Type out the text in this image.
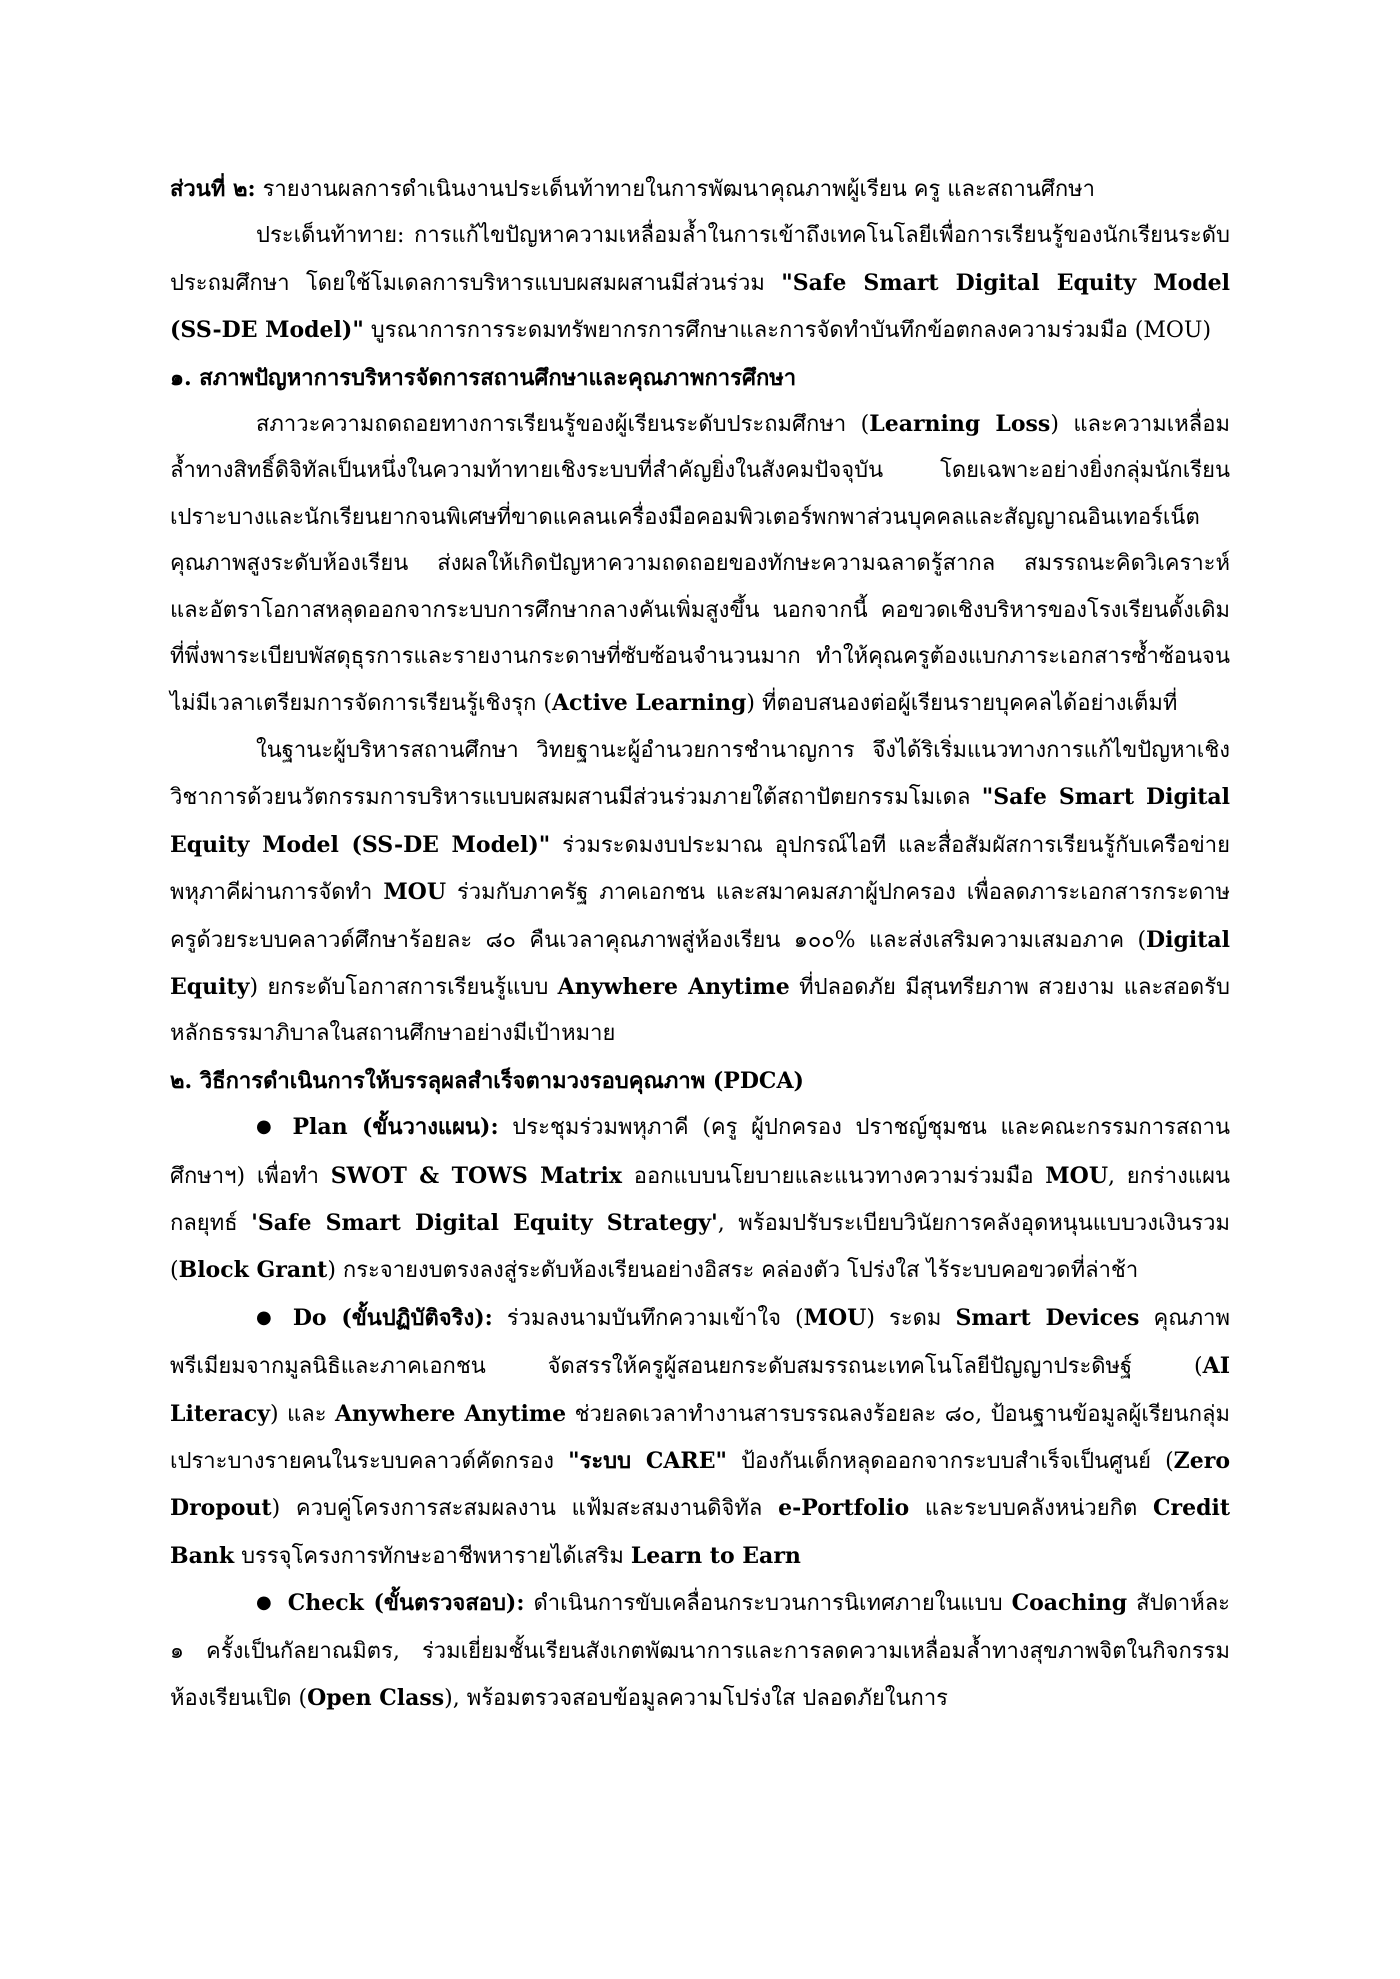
ส่วนที่ ๒: รายงานผลการดำเนินงานประเด็นท้าทายในการพัฒนาคุณภาพผู้เรียน ครู และสถานศึกษา

ประเด็นท้าทาย: การแก้ไขปัญหาความเหลื่อมล้ำในการเข้าถึงเทคโนโลยีเพื่อการเรียนรู้ของนักเรียนระดับประถมศึกษา โดยใช้โมเดลการบริหารแบบผสมผสานมีส่วนร่วม "Safe Smart Digital Equity Model (SS-DE Model)" บูรณาการการระดมทรัพยากรการศึกษาและการจัดทำบันทึกข้อตกลงความร่วมมือ (MOU)

๑. สภาพปัญหาการบริหารจัดการสถานศึกษาและคุณภาพการศึกษา

สภาวะความถดถอยทางการเรียนรู้ของผู้เรียนระดับประถมศึกษา (Learning Loss) และความเหลื่อมล้ำทางสิทธิ์ดิจิทัลเป็นหนึ่งในความท้าทายเชิงระบบที่สำคัญยิ่งในสังคมปัจจุบัน โดยเฉพาะอย่างยิ่งกลุ่มนักเรียนเปราะบางและนักเรียนยากจนพิเศษที่ขาดแคลนเครื่องมือคอมพิวเตอร์พกพาส่วนบุคคลและสัญญาณอินเทอร์เน็ตคุณภาพสูงระดับห้องเรียน ส่งผลให้เกิดปัญหาความถดถอยของทักษะความฉลาดรู้สากล สมรรถนะคิดวิเคราะห์ และอัตราโอกาสหลุดออกจากระบบการศึกษากลางคันเพิ่มสูงขึ้น นอกจากนี้ คอขวดเชิงบริหารของโรงเรียนดั้งเดิมที่พึ่งพาระเบียบพัสดุธุรการและรายงานกระดาษที่ซับซ้อนจำนวนมาก ทำให้คุณครูต้องแบกภาระเอกสารซ้ำซ้อนจนไม่มีเวลาเตรียมการจัดการเรียนรู้เชิงรุก (Active Learning) ที่ตอบสนองต่อผู้เรียนรายบุคคลได้อย่างเต็มที่

ในฐานะผู้บริหารสถานศึกษา วิทยฐานะผู้อำนวยการชำนาญการ จึงได้ริเริ่มแนวทางการแก้ไขปัญหาเชิงวิชาการด้วยนวัตกรรมการบริหารแบบผสมผสานมีส่วนร่วมภายใต้สถาปัตยกรรมโมเดล "Safe Smart Digital Equity Model (SS-DE Model)" ร่วมระดมงบประมาณ อุปกรณ์ไอที และสื่อสัมผัสการเรียนรู้กับเครือข่ายพหุภาคีผ่านการจัดทำ MOU ร่วมกับภาครัฐ ภาคเอกชน และสมาคมสภาผู้ปกครอง เพื่อลดภาระเอกสารกระดาษครูด้วยระบบคลาวด์ศึกษาร้อยละ ๘๐ คืนเวลาคุณภาพสู่ห้องเรียน ๑๐๐% และส่งเสริมความเสมอภาค (Digital Equity) ยกระดับโอกาสการเรียนรู้แบบ Anywhere Anytime ที่ปลอดภัย มีสุนทรียภาพ สวยงาม และสอดรับหลักธรรมาภิบาลในสถานศึกษาอย่างมีเป้าหมาย

๒. วิธีการดำเนินการให้บรรลุผลสำเร็จตามวงรอบคุณภาพ (PDCA)

● Plan (ขั้นวางแผน): ประชุมร่วมพหุภาคี (ครู ผู้ปกครอง ปราชญ์ชุมชน และคณะกรรมการสถานศึกษาฯ) เพื่อทำ SWOT & TOWS Matrix ออกแบบนโยบายและแนวทางความร่วมมือ MOU, ยกร่างแผนกลยุทธ์ 'Safe Smart Digital Equity Strategy', พร้อมปรับระเบียบวินัยการคลังอุดหนุนแบบวงเงินรวม (Block Grant) กระจายงบตรงลงสู่ระดับห้องเรียนอย่างอิสระ คล่องตัว โปร่งใส ไร้ระบบคอขวดที่ล่าช้า

● Do (ขั้นปฏิบัติจริง): ร่วมลงนามบันทึกความเข้าใจ (MOU) ระดม Smart Devices คุณภาพพรีเมียมจากมูลนิธิและภาคเอกชน จัดสรรให้ครูผู้สอนยกระดับสมรรถนะเทคโนโลยีปัญญาประดิษฐ์ (AI Literacy) และ Anywhere Anytime ช่วยลดเวลาทำงานสารบรรณลงร้อยละ ๘๐, ป้อนฐานข้อมูลผู้เรียนกลุ่มเปราะบางรายคนในระบบคลาวด์คัดกรอง "ระบบ CARE" ป้องกันเด็กหลุดออกจากระบบสำเร็จเป็นศูนย์ (Zero Dropout) ควบคู่โครงการสะสมผลงาน แฟ้มสะสมงานดิจิทัล e-Portfolio และระบบคลังหน่วยกิต Credit Bank บรรจุโครงการทักษะอาชีพหารายได้เสริม Learn to Earn

● Check (ขั้นตรวจสอบ): ดำเนินการขับเคลื่อนกระบวนการนิเทศภายในแบบ Coaching สัปดาห์ละ ๑ ครั้งเป็นกัลยาณมิตร, ร่วมเยี่ยมชั้นเรียนสังเกตพัฒนาการและการลดความเหลื่อมล้ำทางสุขภาพจิตในกิจกรรมห้องเรียนเปิด (Open Class), พร้อมตรวจสอบข้อมูลความโปร่งใส ปลอดภัยในการ
